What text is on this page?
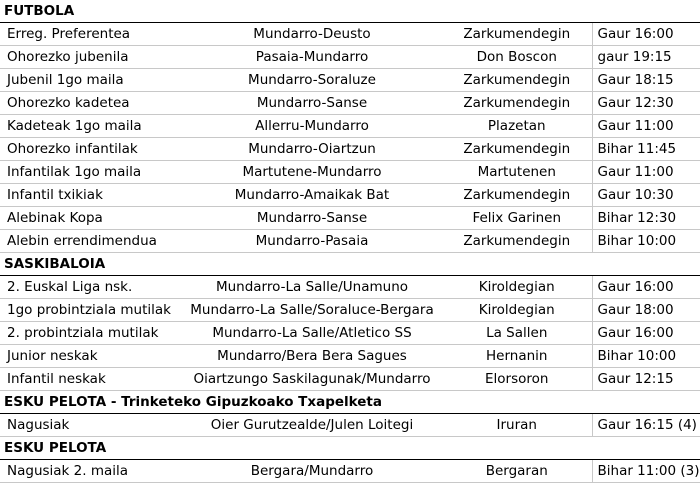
FUTBOLA			
Erreg. Preferentea	Mundarro-Deusto	Zarkumendegin	Gaur 16:00
Ohorezko jubenila	Pasaia-Mundarro	Don Boscon	gaur 19:15
Jubenil 1go maila	Mundarro-Soraluze	Zarkumendegin	Gaur 18:15
Ohorezko kadetea	Mundarro-Sanse	Zarkumendegin	Gaur 12:30
Kadeteak 1go maila	Allerru-Mundarro	Plazetan	Gaur 11:00
Ohorezko infantilak	Mundarro-Oiartzun	Zarkumendegin	Bihar 11:45
Infantilak 1go maila	Martutene-Mundarro	Martutenen	Gaur 11:00
Infantil txikiak	Mundarro-Amaikak Bat	Zarkumendegin	Gaur 10:30
Alebinak Kopa	Mundarro-Sanse	Felix Garinen	Bihar 12:30
Alebin errendimendua	Mundarro-Pasaia	Zarkumendegin	Bihar 10:00
SASKIBALOIA			
2. Euskal Liga nsk.	Mundarro-La Salle/Unamuno	Kiroldegian	Gaur 16:00
1go probintziala mutilak	Mundarro-La Salle/Soraluce-Bergara	Kiroldegian	Gaur 18:00
2. probintziala mutilak	Mundarro-La Salle/Atletico SS	La Sallen	Gaur 16:00
Junior neskak	Mundarro/Bera Bera Sagues	Hernanin	Bihar 10:00
Infantil neskak	Oiartzungo Saskilagunak/Mundarro	Elorsoron	Gaur 12:15
ESKU PELOTA - Trinketeko Gipuzkoako Txapelketa			
Nagusiak	Oier Gurutzealde/Julen Loitegi	Iruran	Gaur 16:15 (4)
ESKU PELOTA			
Nagusiak 2. maila	Bergara/Mundarro	Bergaran	Bihar 11:00 (3)
